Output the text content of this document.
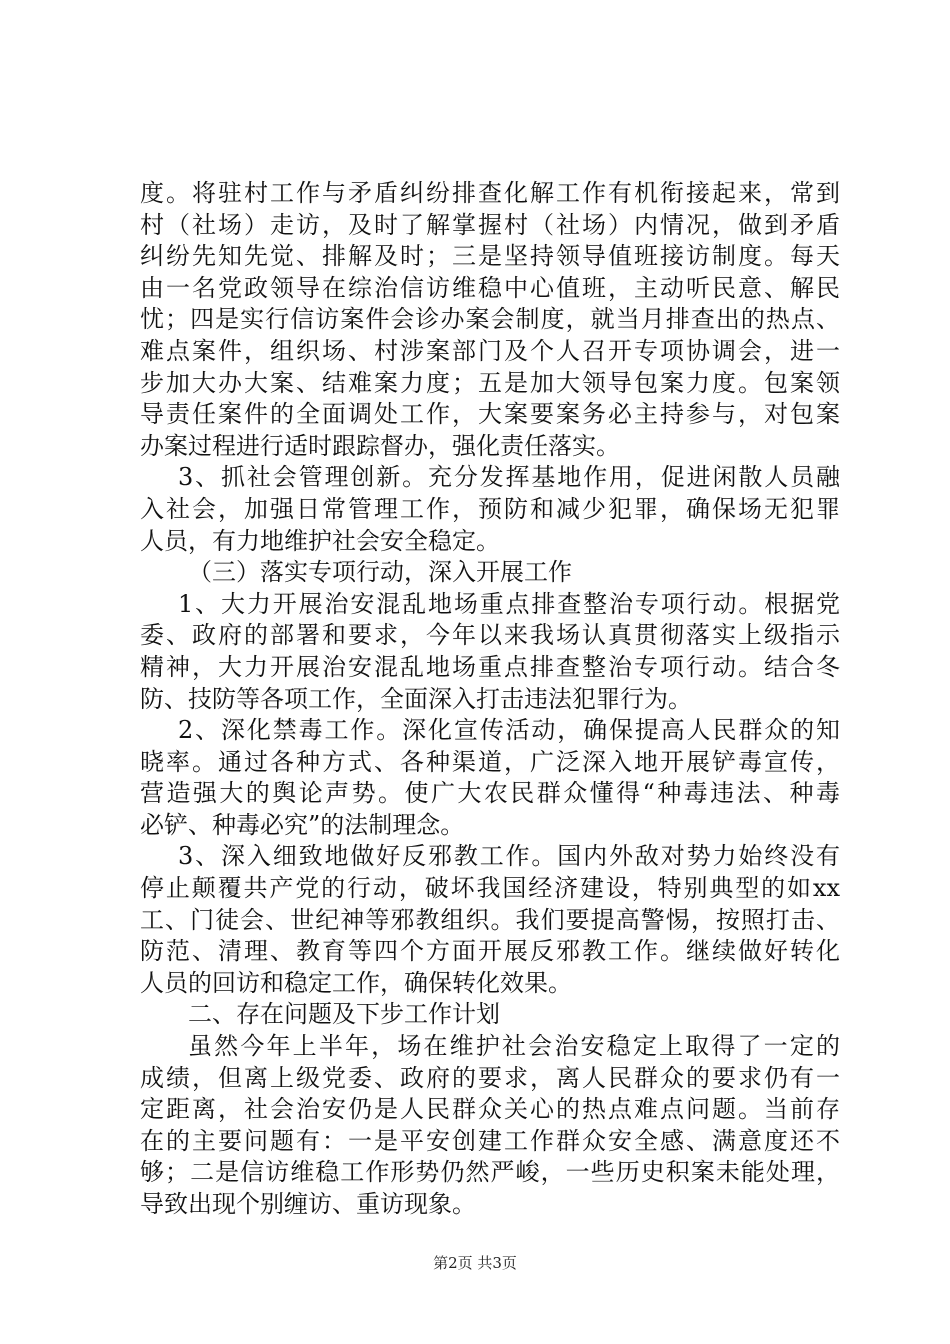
度。将驻村工作与矛盾纠纷排查化解工作有机衔接起来，常到
村（社场）走访，及时了解掌握村（社场）内情况，做到矛盾
纠纷先知先觉、排解及时；三是坚持领导值班接访制度。每天
由一名党政领导在综治信访维稳中心值班，主动听民意、解民
忧；四是实行信访案件会诊办案会制度，就当月排查出的热点、
难点案件，组织场、村涉案部门及个人召开专项协调会，进一
步加大办大案、结难案力度；五是加大领导包案力度。包案领
导责任案件的全面调处工作，大案要案务必主持参与，对包案
办案过程进行适时跟踪督办，强化责任落实。
3、抓社会管理创新。充分发挥基地作用，促进闲散人员融
入社会，加强日常管理工作，预防和减少犯罪，确保场无犯罪
人员，有力地维护社会安全稳定。
（三）落实专项行动，深入开展工作
1、大力开展治安混乱地场重点排查整治专项行动。根据党
委、政府的部署和要求，今年以来我场认真贯彻落实上级指示
精神，大力开展治安混乱地场重点排查整治专项行动。结合冬
防、技防等各项工作，全面深入打击违法犯罪行为。
2、深化禁毒工作。深化宣传活动，确保提高人民群众的知
晓率。通过各种方式、各种渠道，广泛深入地开展铲毒宣传，
营造强大的舆论声势。使广大农民群众懂得“种毒违法、种毒
必铲、种毒必究”的法制理念。
3、深入细致地做好反邪教工作。国内外敌对势力始终没有
停止颠覆共产党的行动，破坏我国经济建设，特别典型的如xx
工、门徒会、世纪神等邪教组织。我们要提高警惕，按照打击、
防范、清理、教育等四个方面开展反邪教工作。继续做好转化
人员的回访和稳定工作，确保转化效果。
二、存在问题及下步工作计划
虽然今年上半年，场在维护社会治安稳定上取得了一定的
成绩，但离上级党委、政府的要求，离人民群众的要求仍有一
定距离，社会治安仍是人民群众关心的热点难点问题。当前存
在的主要问题有：一是平安创建工作群众安全感、满意度还不
够；二是信访维稳工作形势仍然严峻，一些历史积案未能处理，
导致出现个别缠访、重访现象。
第2页 共3页
